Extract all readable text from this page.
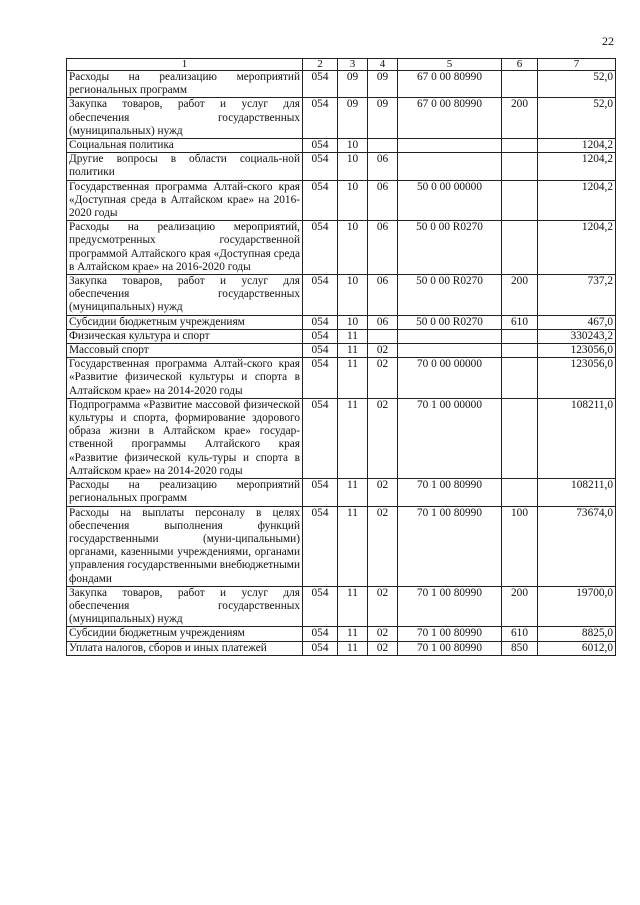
22
1	2	3	4	5	6	7
Расходы на реализацию мероприятий региональных программ	054	09	09	67 0 00 80990		52,0
Закупка товаров, работ и услуг для обеспечения государственных (муниципальных) нужд	054	09	09	67 0 00 80990	200	52,0
Социальная политика	054	10				1204,2
Другие вопросы в области социаль-ной политики	054	10	06			1204,2
Государственная программа Алтай-ского края «Доступная среда в Алтайском крае» на 2016-2020 годы	054	10	06	50 0 00 00000		1204,2
Расходы на реализацию мероприятий, предусмотренных государственной программой Алтайского края «Доступная среда в Алтайском крае» на 2016-2020 годы	054	10	06	50 0 00 R0270		1204,2
Закупка товаров, работ и услуг для обеспечения государственных (муниципальных) нужд	054	10	06	50 0 00 R0270	200	737,2
Субсидии бюджетным учреждениям	054	10	06	50 0 00 R0270	610	467,0
Физическая культура и спорт	054	11				330243,2
Массовый спорт	054	11	02			123056,0
Государственная программа Алтай-ского края «Развитие физической культуры и спорта в Алтайском крае» на 2014-2020 годы	054	11	02	70 0 00 00000		123056,0
Подпрограмма «Развитие массовой физической культуры и спорта, формирование здорового образа жизни в Алтайском крае» государ-ственной программы Алтайского края «Развитие физической куль-туры и спорта в Алтайском крае» на 2014-2020 годы	054	11	02	70 1 00 00000		108211,0
Расходы на реализацию мероприятий региональных программ	054	11	02	70 1 00 80990		108211,0
Расходы на выплаты персоналу в целях обеспечения выполнения функций государственными (муни-ципальными) органами, казенными учреждениями, органами управления государственными внебюджетными фондами	054	11	02	70 1 00 80990	100	73674,0
Закупка товаров, работ и услуг для обеспечения государственных (муниципальных) нужд	054	11	02	70 1 00 80990	200	19700,0
Субсидии бюджетным учреждениям	054	11	02	70 1 00 80990	610	8825,0
Уплата налогов, сборов и иных платежей	054	11	02	70 1 00 80990	850	6012,0
